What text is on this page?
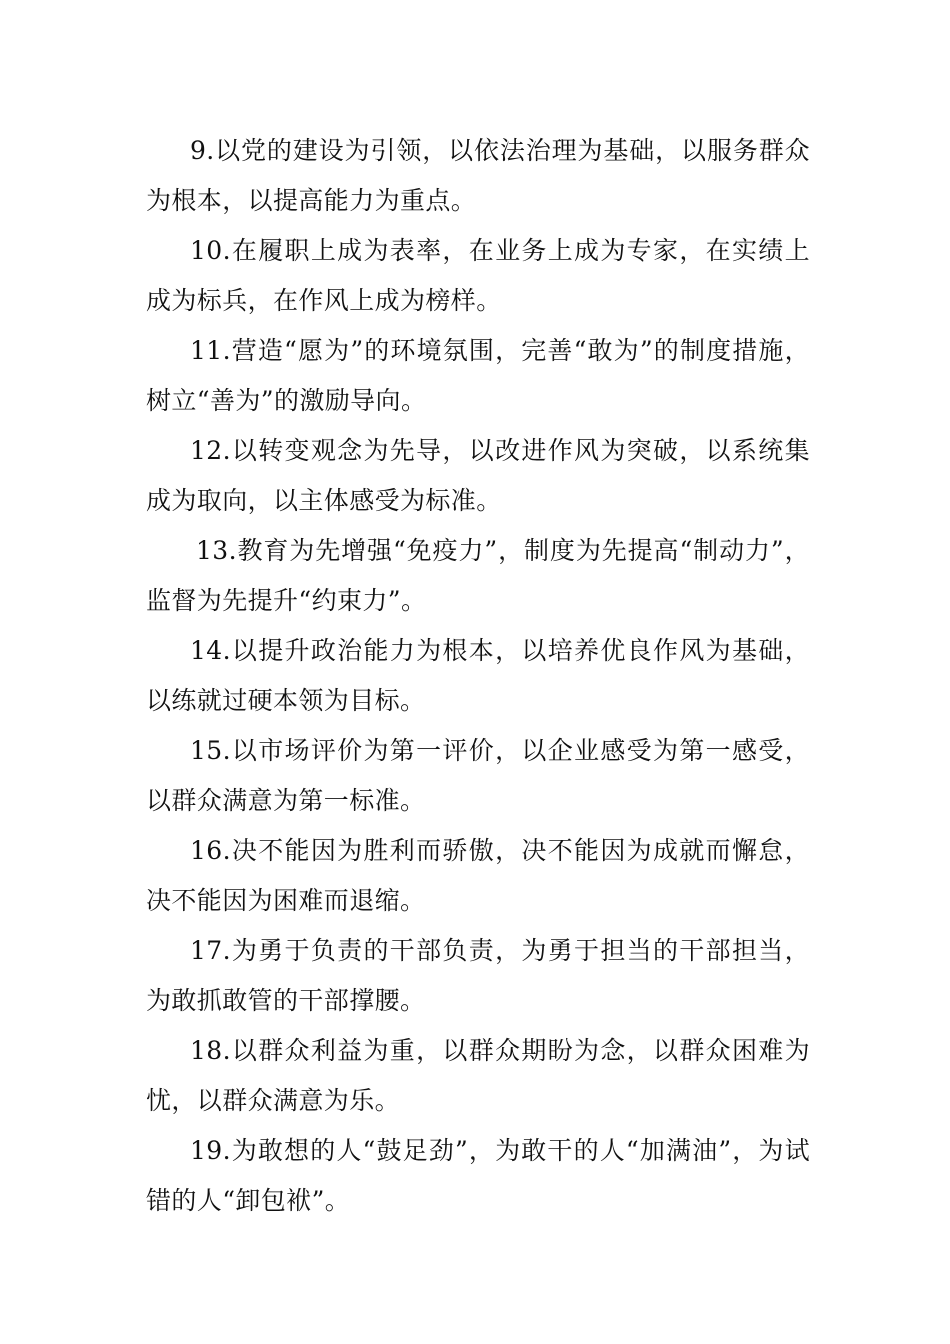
9.以党的建设为引领，以依法治理为基础，以服务群众为根本，以提高能力为重点。

10.在履职上成为表率，在业务上成为专家，在实绩上成为标兵，在作风上成为榜样。

11.营造“愿为”的环境氛围，完善“敢为”的制度措施，树立“善为”的激励导向。

12.以转变观念为先导，以改进作风为突破，以系统集成为取向，以主体感受为标准。

13.教育为先增强“免疫力”，制度为先提高“制动力”，监督为先提升“约束力”。

14.以提升政治能力为根本，以培养优良作风为基础，以练就过硬本领为目标。

15.以市场评价为第一评价，以企业感受为第一感受，以群众满意为第一标准。

16.决不能因为胜利而骄傲，决不能因为成就而懈怠，决不能因为困难而退缩。

17.为勇于负责的干部负责，为勇于担当的干部担当，为敢抓敢管的干部撑腰。

18.以群众利益为重，以群众期盼为念，以群众困难为忧，以群众满意为乐。

19.为敢想的人“鼓足劲”，为敢干的人“加满油”，为试错的人“卸包袱”。
